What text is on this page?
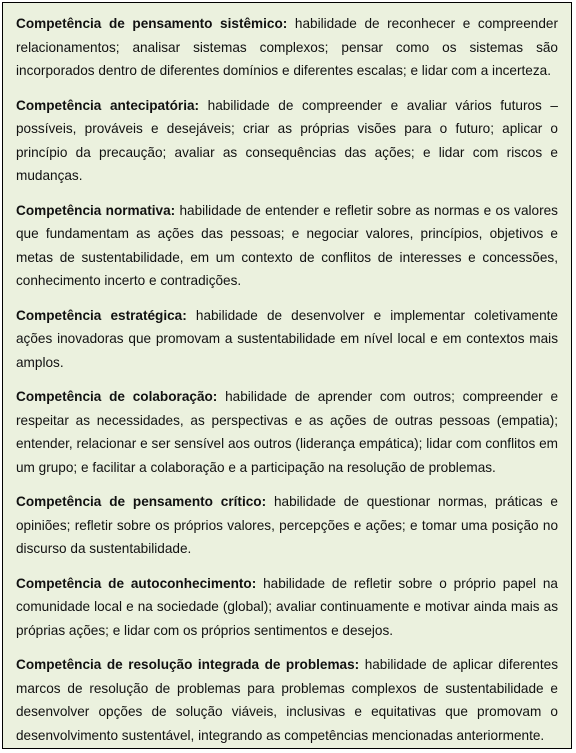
Competência de pensamento sistêmico: habilidade de reconhecer e compreender relacionamentos; analisar sistemas complexos; pensar como os sistemas são incorporados dentro de diferentes domínios e diferentes escalas; e lidar com a incerteza.

Competência antecipatória: habilidade de compreender e avaliar vários futuros – possíveis, prováveis e desejáveis; criar as próprias visões para o futuro; aplicar o princípio da precaução; avaliar as consequências das ações; e lidar com riscos e mudanças.

Competência normativa: habilidade de entender e refletir sobre as normas e os valores que fundamentam as ações das pessoas; e negociar valores, princípios, objetivos e metas de sustentabilidade, em um contexto de conflitos de interesses e concessões, conhecimento incerto e contradições.

Competência estratégica: habilidade de desenvolver e implementar coletivamente ações inovadoras que promovam a sustentabilidade em nível local e em contextos mais amplos.

Competência de colaboração: habilidade de aprender com outros; compreender e respeitar as necessidades, as perspectivas e as ações de outras pessoas (empatia); entender, relacionar e ser sensível aos outros (liderança empática); lidar com conflitos em um grupo; e facilitar a colaboração e a participação na resolução de problemas.

Competência de pensamento crítico: habilidade de questionar normas, práticas e opiniões; refletir sobre os próprios valores, percepções e ações; e tomar uma posição no discurso da sustentabilidade.

Competência de autoconhecimento: habilidade de refletir sobre o próprio papel na comunidade local e na sociedade (global); avaliar continuamente e motivar ainda mais as próprias ações; e lidar com os próprios sentimentos e desejos.

Competência de resolução integrada de problemas: habilidade de aplicar diferentes marcos de resolução de problemas para problemas complexos de sustentabilidade e desenvolver opções de solução viáveis, inclusivas e equitativas que promovam o desenvolvimento sustentável, integrando as competências mencionadas anteriormente.
